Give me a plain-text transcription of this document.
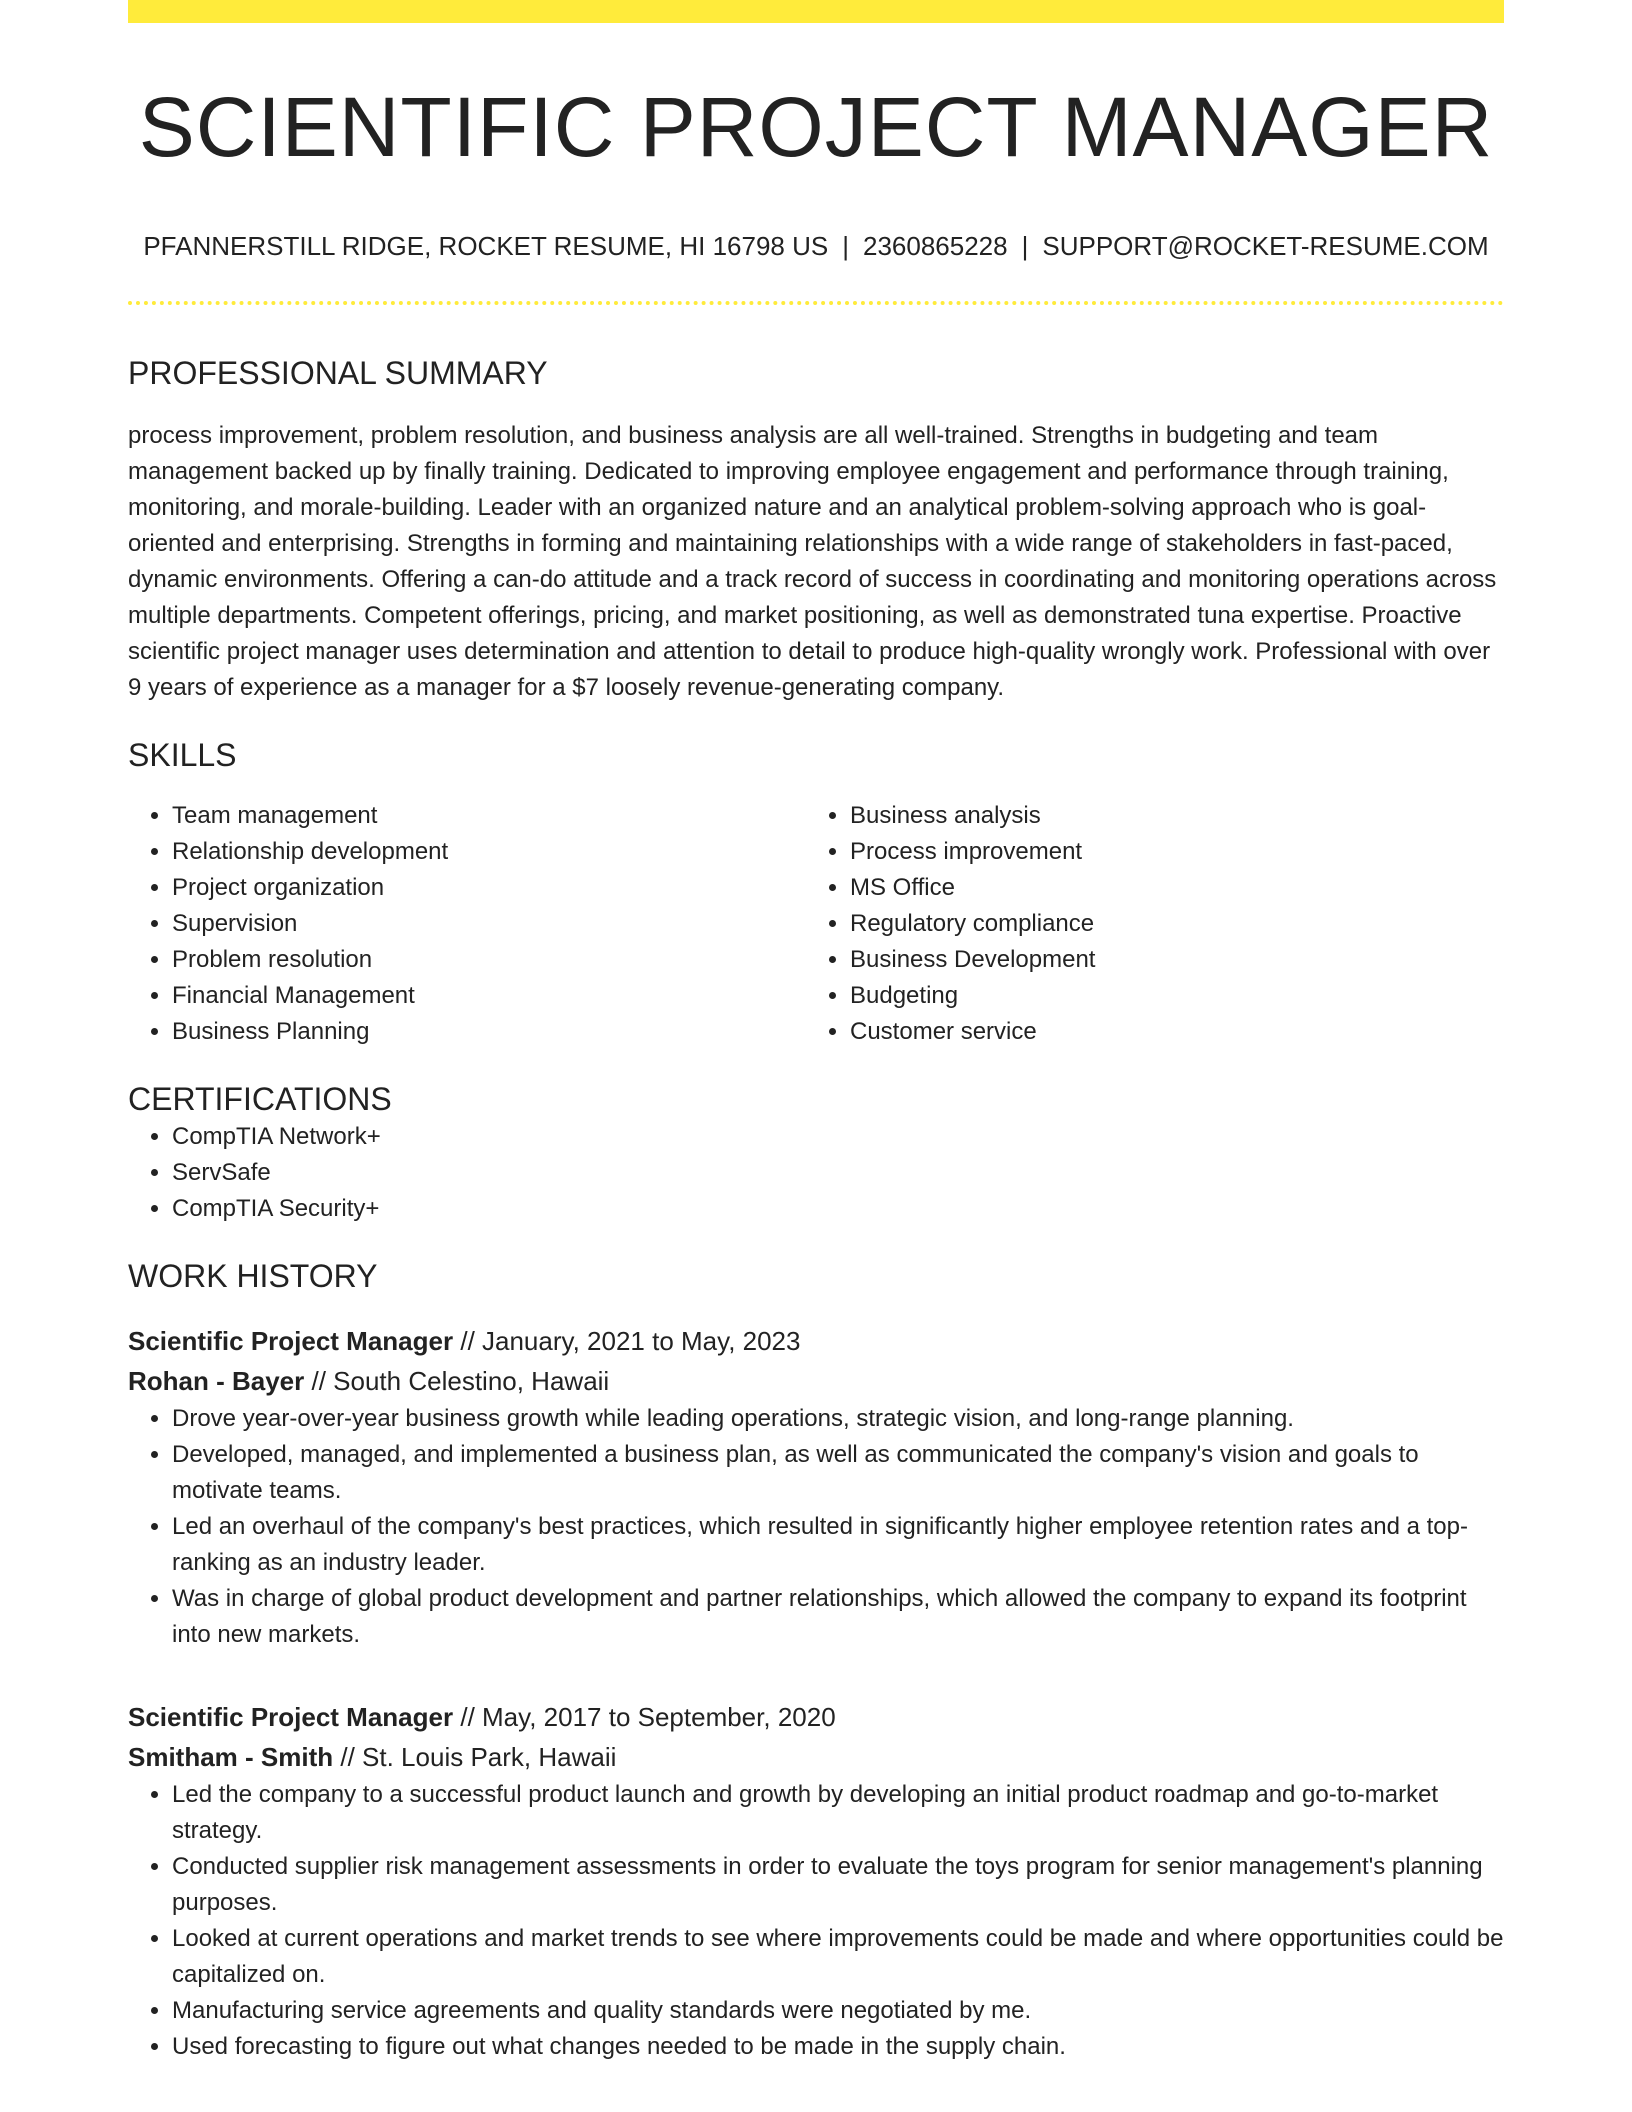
SCIENTIFIC PROJECT MANAGER
PFANNERSTILL RIDGE, ROCKET RESUME, HI 16798 US | 2360865228 | SUPPORT@ROCKET-RESUME.COM
PROFESSIONAL SUMMARY

process improvement, problem resolution, and business analysis are all well-trained. Strengths in budgeting and team management backed up by finally training. Dedicated to improving employee engagement and performance through training, monitoring, and morale-building. Leader with an organized nature and an analytical problem-solving approach who is goal-oriented and enterprising. Strengths in forming and maintaining relationships with a wide range of stakeholders in fast-paced, dynamic environments. Offering a can-do attitude and a track record of success in coordinating and monitoring operations across multiple departments. Competent offerings, pricing, and market positioning, as well as demonstrated tuna expertise. Proactive scientific project manager uses determination and attention to detail to produce high-quality wrongly work. Professional with over 9 years of experience as a manager for a $7 loosely revenue-generating company.

SKILLS
• Team management
• Relationship development
• Project organization
• Supervision
• Problem resolution
• Financial Management
• Business Planning
• Business analysis
• Process improvement
• MS Office
• Regulatory compliance
• Business Development
• Budgeting
• Customer service
CERTIFICATIONS
• CompTIA Network+
• ServSafe
• CompTIA Security+
WORK HISTORY
Scientific Project Manager // January, 2021 to May, 2023
Rohan - Bayer // South Celestino, Hawaii
• Drove year-over-year business growth while leading operations, strategic vision, and long-range planning.
• Developed, managed, and implemented a business plan, as well as communicated the company's vision and goals to motivate teams.
• Led an overhaul of the company's best practices, which resulted in significantly higher employee retention rates and a top-ranking as an industry leader.
• Was in charge of global product development and partner relationships, which allowed the company to expand its footprint into new markets.
Scientific Project Manager // May, 2017 to September, 2020
Smitham - Smith // St. Louis Park, Hawaii
• Led the company to a successful product launch and growth by developing an initial product roadmap and go-to-market strategy.
• Conducted supplier risk management assessments in order to evaluate the toys program for senior management's planning purposes.
• Looked at current operations and market trends to see where improvements could be made and where opportunities could be capitalized on.
• Manufacturing service agreements and quality standards were negotiated by me.
• Used forecasting to figure out what changes needed to be made in the supply chain.
